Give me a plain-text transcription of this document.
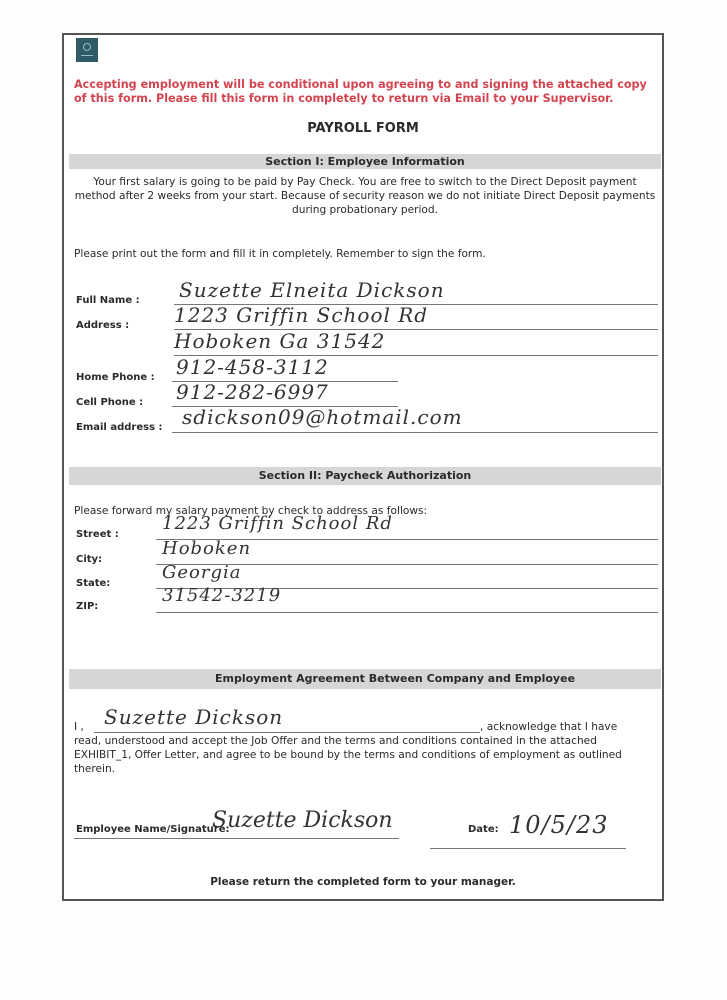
Accepting employment will be conditional upon agreeing to and signing the attached copy of this form. Please fill this form in completely to return via Email to your Supervisor.
PAYROLL FORM
Section I: Employee Information
Your first salary is going to be paid by Pay Check. You are free to switch to the Direct Deposit payment method after 2 weeks from your start. Because of security reason we do not initiate Direct Deposit payments during probationary period.
Please print out the form and fill it in completely. Remember to sign the form.
Full Name : Suzette Elneita Dickson
Address : 1223 Griffin School Rd
Hoboken Ga 31542
Home Phone : 912-458-3112
Cell Phone : 912-282-6997
Email address : sdickson09@hotmail.com
Section II: Paycheck Authorization
Please forward my salary payment by check to address as follows:
Street :
1223 Griffin School Rd
City:
Hoboken
State:
Georgia
ZIP:
31542-3219
Employment Agreement Between Company and Employee
I , Suzette Dickson	, acknowledge that I have
read, understood and accept the Job Offer and the terms and conditions contained in the attached EXHIBIT_1, Offer Letter, and agree to be bound by the terms and conditions of employment as outlined therein.
Employee Name/Signature:
Suzette Dickson	Date: 10/5/23
Please return the completed form to your manager.
